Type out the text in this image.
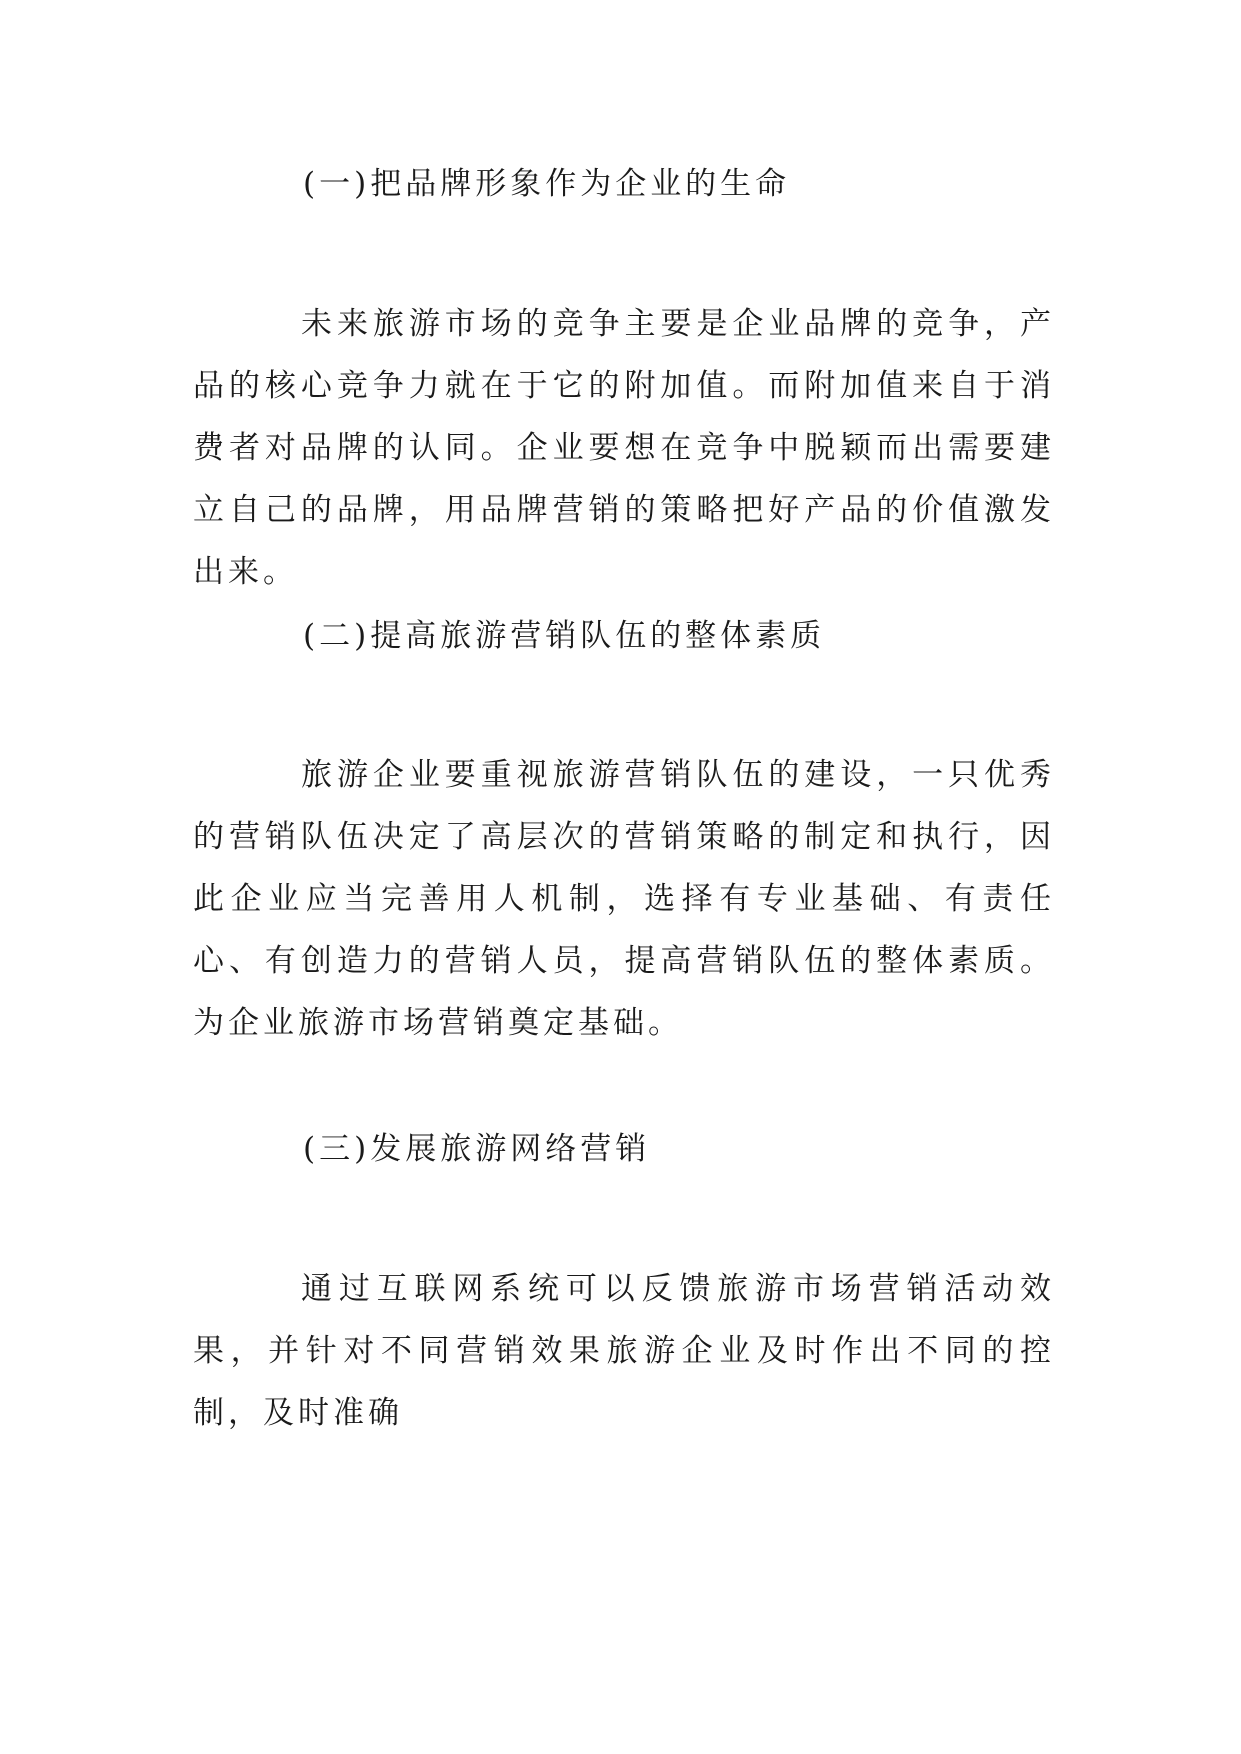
(一)把品牌形象作为企业的生命
未来旅游市场的竞争主要是企业品牌的竞争，产品的核心竞争力就在于它的附加值。而附加值来自于消费者对品牌的认同。企业要想在竞争中脱颖而出需要建立自己的品牌，用品牌营销的策略把好产品的价值激发出来。
(二)提高旅游营销队伍的整体素质
旅游企业要重视旅游营销队伍的建设，一只优秀的营销队伍决定了高层次的营销策略的制定和执行，因此企业应当完善用人机制，选择有专业基础、有责任心、有创造力的营销人员，提高营销队伍的整体素质。为企业旅游市场营销奠定基础。
(三)发展旅游网络营销
通过互联网系统可以反馈旅游市场营销活动效果，并针对不同营销效果旅游企业及时作出不同的控制，及时准确
